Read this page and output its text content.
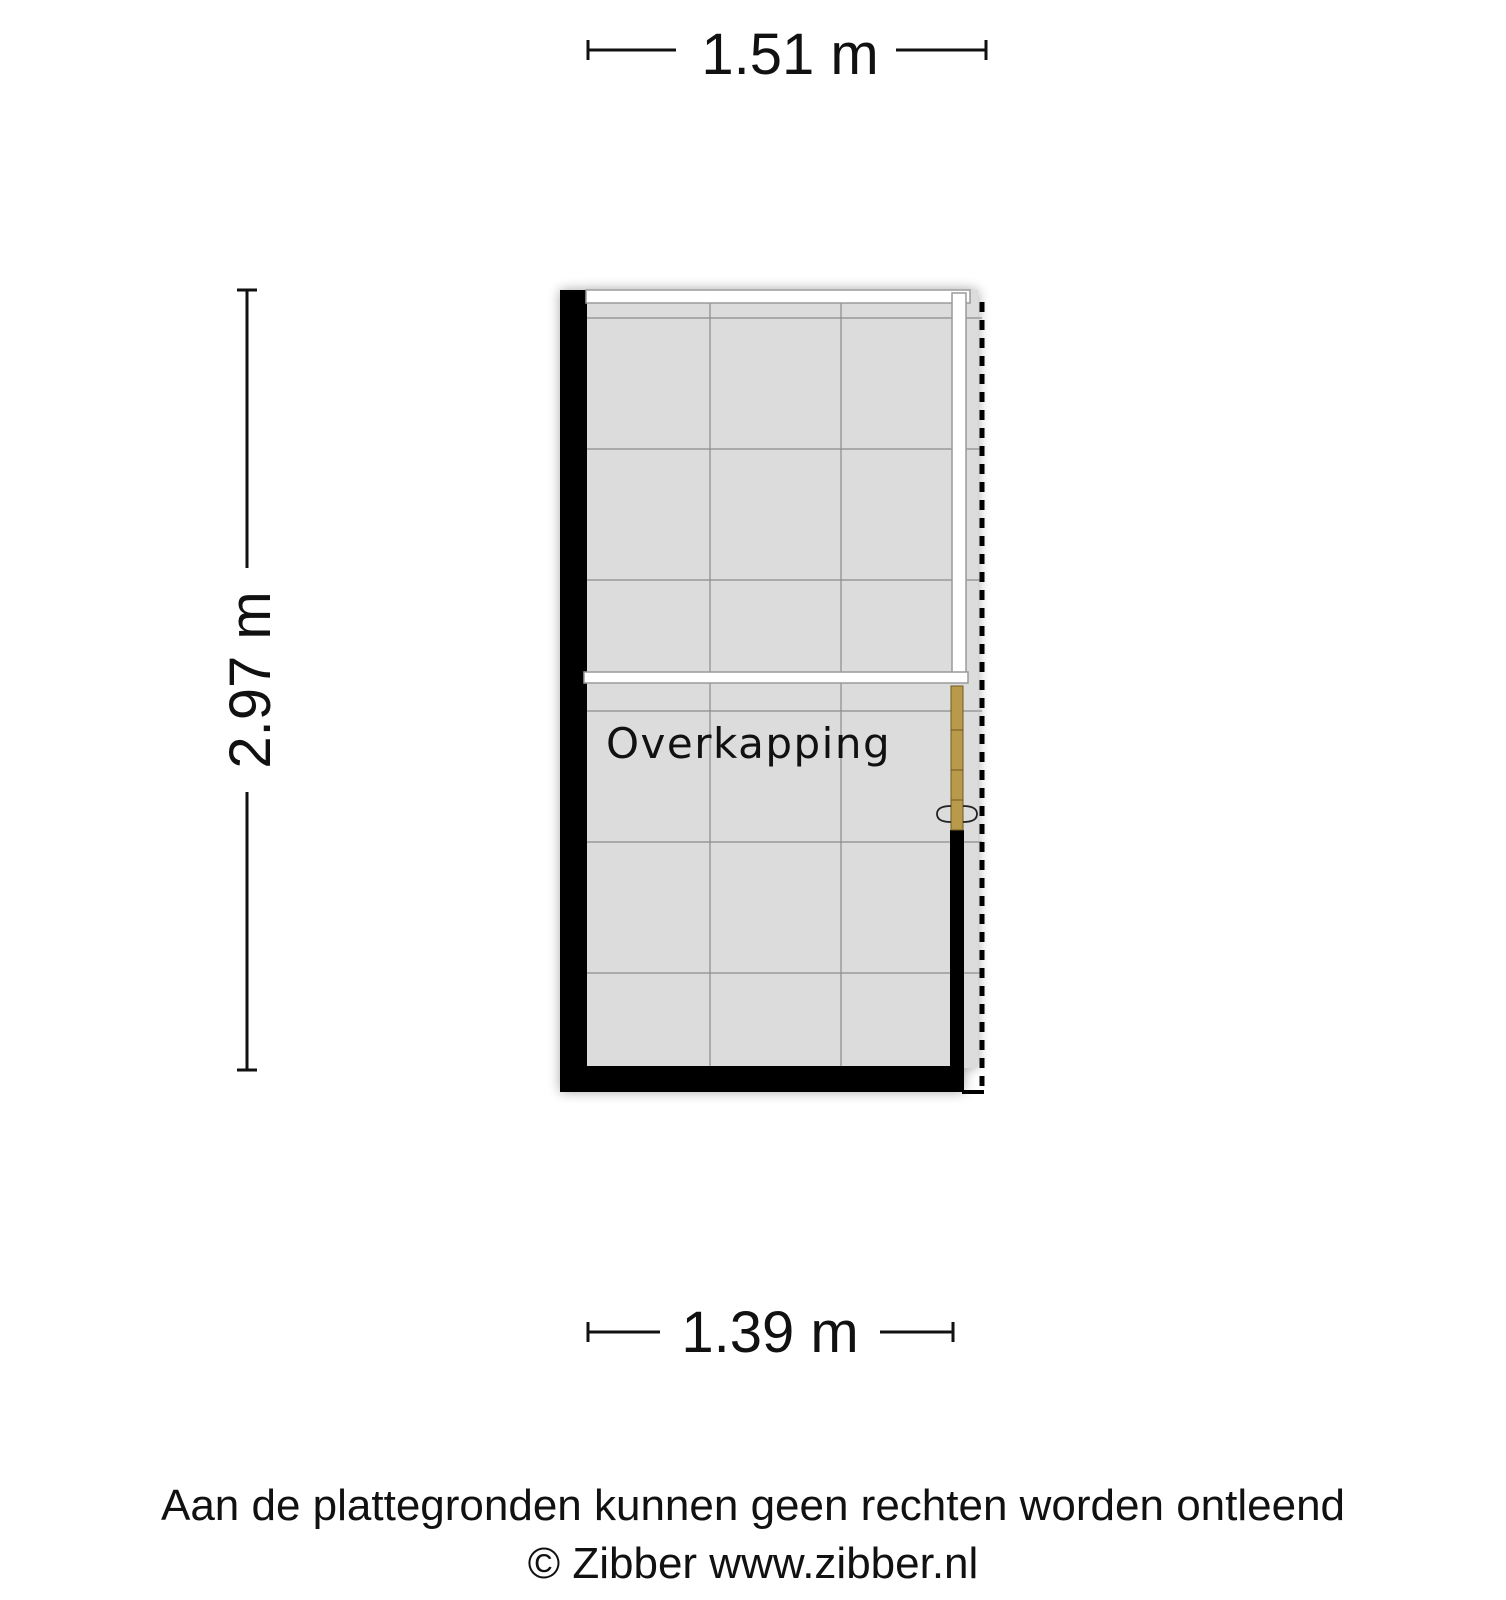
1.51 m
2.97 m
1.39 m
Overkapping
Aan de plattegronden kunnen geen rechten worden ontleend
© Zibber www.zibber.nl
